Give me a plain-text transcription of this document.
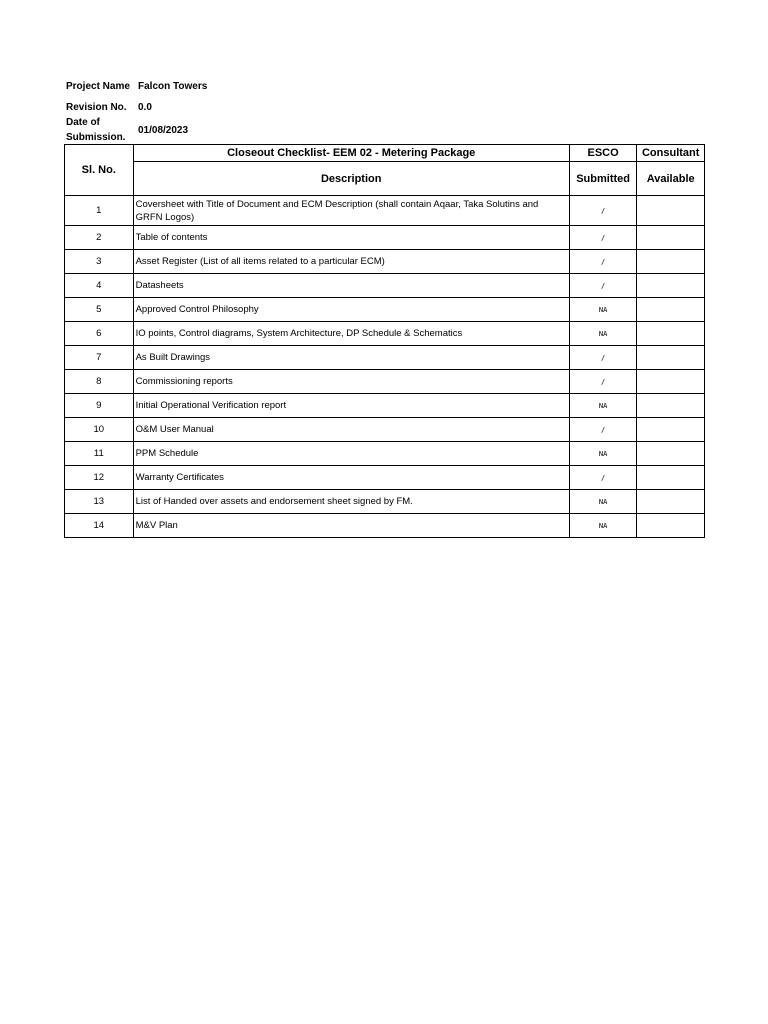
Project Name Falcon Towers
Revision No.	0.0
Date of
01/08/2023
Submission.
Sl. No.	Closeout Checklist- EEM 02 - Metering Package	ESCO	Consultant
	Description	Submitted	Available
1	Coversheet with Title of Document and ECM Description (shall contain Aqaar, Taka Solutins and GRFN Logos)	/	
2	Table of contents	/	
3	Asset Register (List of all items related to a particular ECM)	/	
4	Datasheets	/	
5	Approved Control Philosophy	NA	
6	IO points, Control diagrams, System Architecture, DP Schedule & Schematics	NA	
7	As Built Drawings	/	
8	Commissioning reports	/	
9	Initial Operational Verification report	NA	
10	O&M User Manual	/	
11	PPM Schedule	NA	
12	Warranty Certificates	/	
13	List of Handed over assets and endorsement sheet signed by FM.	NA	
14	M&V Plan	NA	
